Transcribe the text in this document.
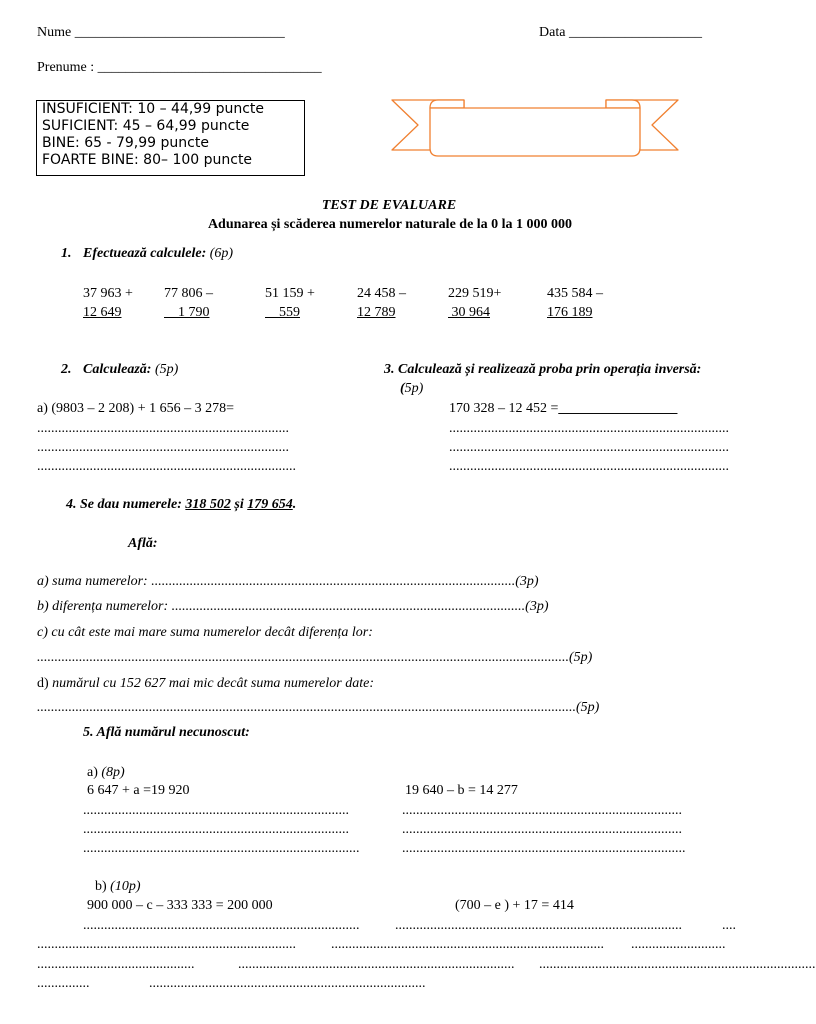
Nume ______________________________	Data ___________________
Prenume : ________________________________
INSUFICIENT: 10 – 44,99 puncte
SUFICIENT: 45 – 64,99 puncte
BINE: 65 - 79,99 puncte
FOARTE BINE: 80– 100 puncte
TEST DE EVALUARE
Adunarea și scăderea numerelor naturale de la 0 la 1 000 000
1. Efectuează calculele: (6p)
37 963 +
12 649
77 806 –
1 790
51 159 +
559
24 458 –
12 789
229 519+
30 964
435 584 –
176 189
2. Calculează: (5p)
a) (9803 – 2 208) + 1 656 – 3 278=
........................................................................
........................................................................
..........................................................................
3. Calculează și realizează proba prin operația inversă:
(5p)
170 328 – 12 452 =_________________
................................................................................
................................................................................
................................................................................
4. Se dau numerele: 318 502 și 179 654.
Află:
a) suma numerelor: ........................................................................................................(3p)
b) diferența numerelor: .....................................................................................................(3p)
c) cu cât este mai mare suma numerelor decât diferența lor:
........................................................................................................................................................(5p)
d) numărul cu 152 627 mai mic decât suma numerelor date:
..........................................................................................................................................................(5p)
5. Află numărul necunoscut:
a) (8p)
6 647 + a =19 920	19 640 – b = 14 277
............................................................................
............................................................................
...............................................................................
................................................................................
................................................................................
.................................................................................
b) (10p)
900 000 – c – 333 333 = 200 000	(700 – e ) + 17 = 414
...............................................................................	..................................................................................	....
..........................................................................	.............................................................................. ...........................
.............................................	............................................................................... ...............................................................................
...............	...............................................................................
